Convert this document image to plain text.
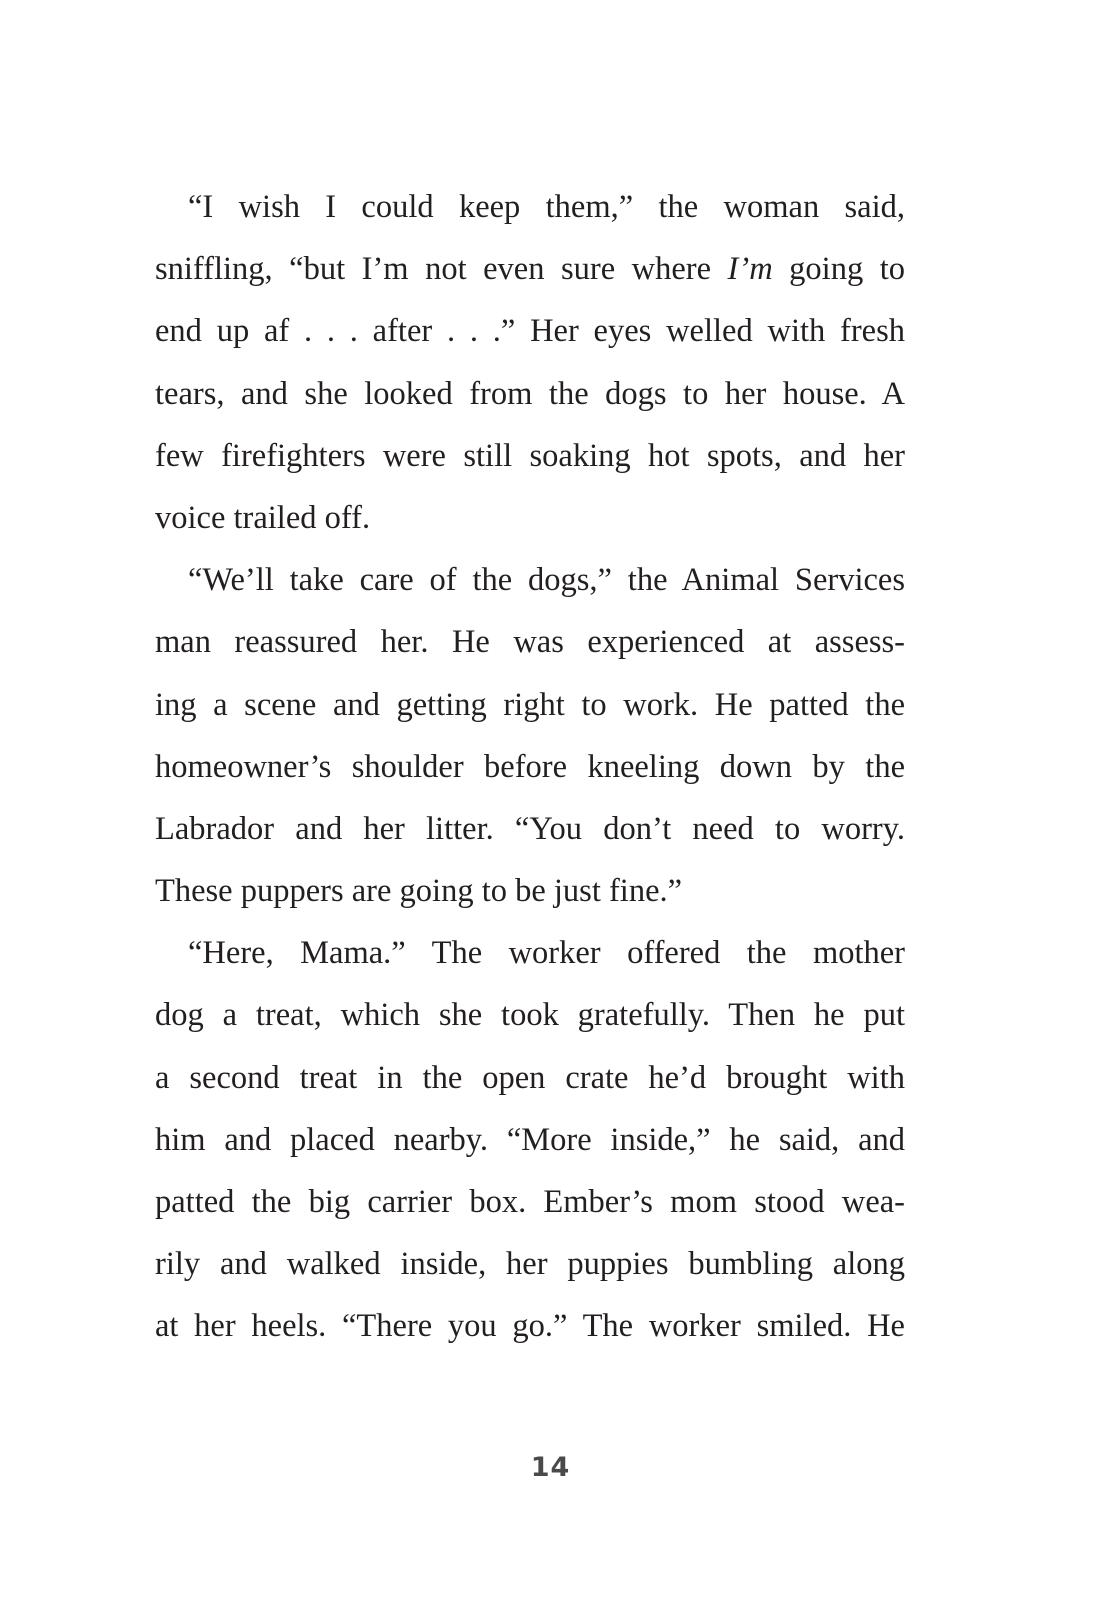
“I wish I could keep them,” the woman said,
sniffling, “but I’m not even sure where I’m going to
end up af . . . after . . .” Her eyes welled with fresh
tears, and she looked from the dogs to her house. A
few firefighters were still soaking hot spots, and her
voice trailed off.
“We’ll take care of the dogs,” the Animal Services
man reassured her. He was experienced at assess-
ing a scene and getting right to work. He patted the
homeowner’s shoulder before kneeling down by the
Labrador and her litter. “You don’t need to worry.
These puppers are going to be just fine.”
“Here, Mama.” The worker offered the mother
dog a treat, which she took gratefully. Then he put
a second treat in the open crate he’d brought with
him and placed nearby. “More inside,” he said, and
patted the big carrier box. Ember’s mom stood wea-
rily and walked inside, her puppies bumbling along
at her heels. “There you go.” The worker smiled. He
14
